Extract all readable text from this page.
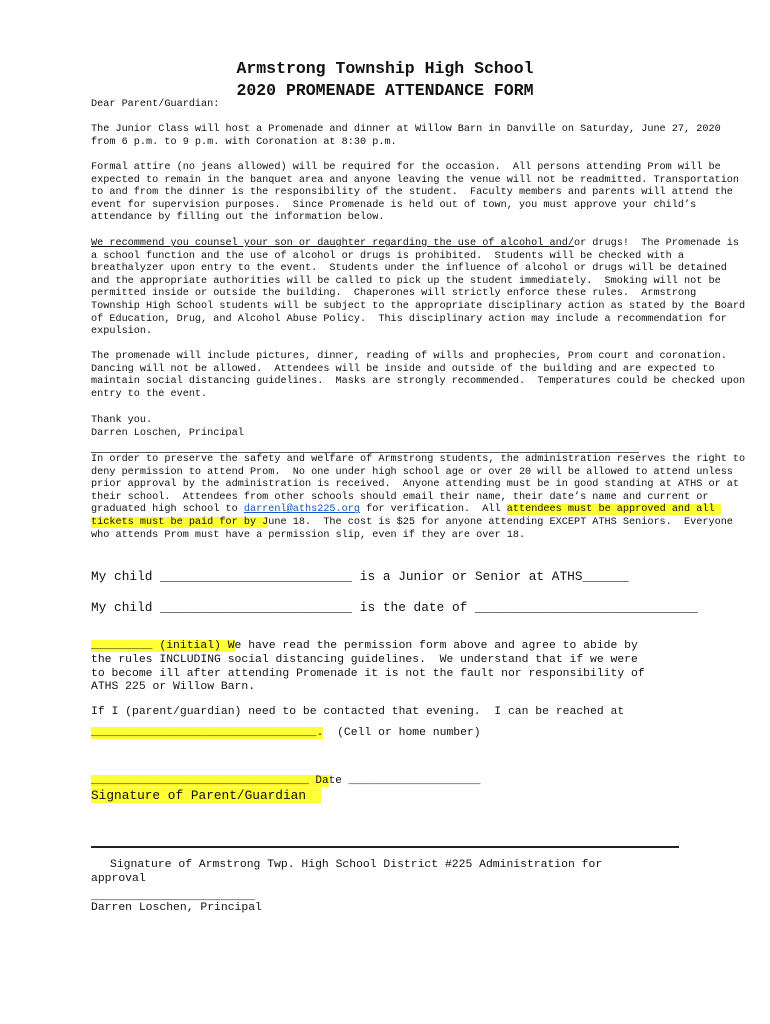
Armstrong Township High School
2020 PROMENADE ATTENDANCE FORM

Dear Parent/Guardian:

The Junior Class will host a Promenade and dinner at Willow Barn in Danville on Saturday, June 27, 2020 from 6 p.m. to 9 p.m. with Coronation at 8:30 p.m.

Formal attire (no jeans allowed) will be required for the occasion.  All persons attending Prom will be expected to remain in the banquet area and anyone leaving the venue will not be readmitted. Transportation to and from the dinner is the responsibility of the student.  Faculty members and parents will attend the event for supervision purposes.  Since Promenade is held out of town, you must approve your child’s attendance by filling out the information below.

We recommend you counsel your son or daughter regarding the use of alcohol and/or drugs!  The Promenade is a school function and the use of alcohol or drugs is prohibited.  Students will be checked with a breathalyzer upon entry to the event.  Students under the influence of alcohol or drugs will be detained and the appropriate authorities will be called to pick up the student immediately.  Smoking will not be permitted inside or outside the building.  Chaperones will strictly enforce these rules.  Armstrong Township High School students will be subject to the appropriate disciplinary action as stated by the Board of Education, Drug, and Alcohol Abuse Policy.  This disciplinary action may include a recommendation for expulsion.

The promenade will include pictures, dinner, reading of wills and prophecies, Prom court and coronation.  Dancing will not be allowed.  Attendees will be inside and outside of the building and are expected to maintain social distancing guidelines.  Masks are strongly recommended.  Temperatures could be checked upon entry to the event.

Thank you.

Darren Loschen, Principal

In order to preserve the safety and welfare of Armstrong students, the administration reserves the right to deny permission to attend Prom.  No one under high school age or over 20 will be allowed to attend unless prior approval by the administration is received.  Anyone attending must be in good standing at ATHS or at their school.  Attendees from other schools should email their name, their date’s name and current or graduated high school to darrenl@aths225.org for verification.  All attendees must be approved and all tickets must be paid for by June 18.  The cost is $25 for anyone attending EXCEPT ATHS Seniors.  Everyone who attends Prom must have a permission slip, even if they are over 18.

My child _________________________ is a Junior or Senior at ATHS______
My child _________________________ is the date of _____________________________

_________ (initial) We have read the permission form above and agree to abide by the rules INCLUDING social distancing guidelines.  We understand that if we were to become ill after attending Promenade it is not the fault nor responsibility of ATHS 225 or Willow Barn.

If I (parent/guardian) need to be contacted that evening.  I can be reached at
_________________________________. (Cell or home number)
_________________________________ Date ____________________
Signature of Parent/Guardian

Signature of Armstrong Twp. High School District #225 Administration for approval

________________________
Darren Loschen, Principal
